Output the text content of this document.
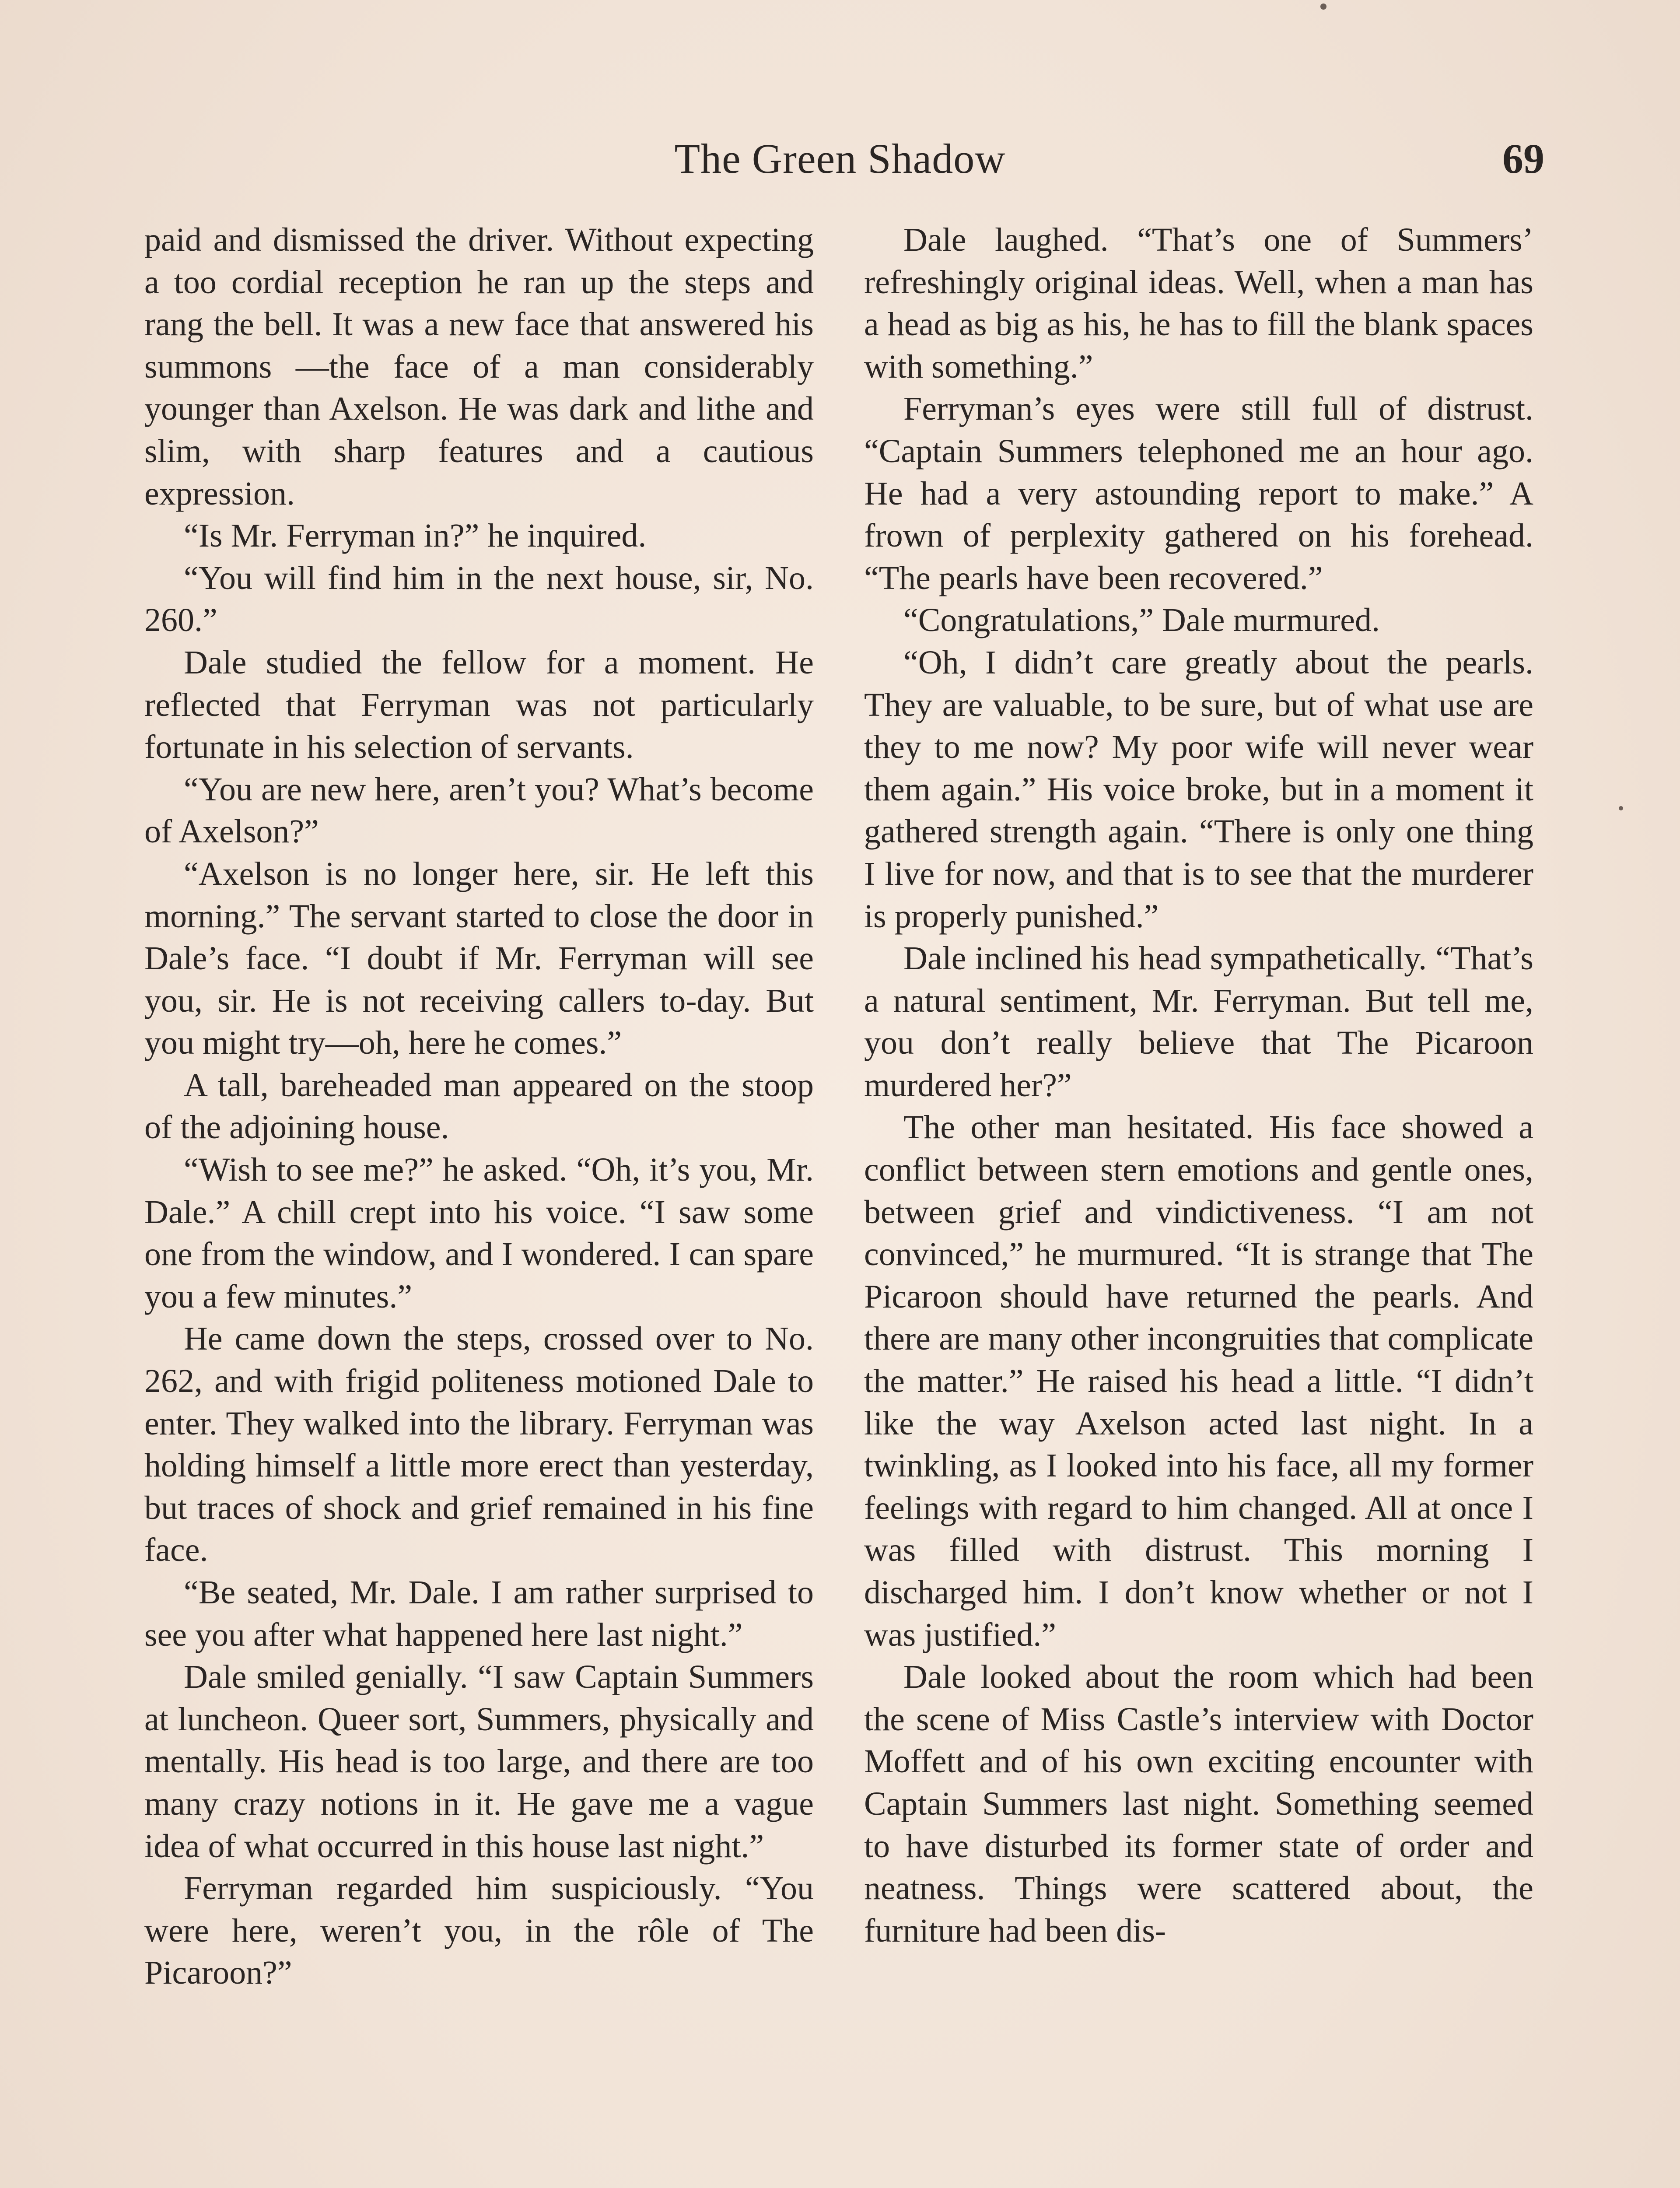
The Green Shadow	69

paid and dismissed the driver. Without expecting a too cordial reception he ran up the steps and rang the bell. It was a new face that answered his summons —the face of a man considerably younger than Axelson. He was dark and lithe and slim, with sharp features and a cautious expression.

“Is Mr. Ferryman in?” he inquired.

“You will find him in the next house, sir, No. 260.”

Dale studied the fellow for a moment. He reflected that Ferryman was not particularly fortunate in his selection of servants.

“You are new here, aren’t you? What’s become of Axelson?”

“Axelson is no longer here, sir. He left this morning.” The servant started to close the door in Dale’s face. “I doubt if Mr. Ferryman will see you, sir. He is not receiving callers to-day. But you might try—oh, here he comes.”

A tall, bareheaded man appeared on the stoop of the adjoining house.

“Wish to see me?” he asked. “Oh, it’s you, Mr. Dale.” A chill crept into his voice. “I saw some one from the window, and I wondered. I can spare you a few minutes.”

He came down the steps, crossed over to No. 262, and with frigid politeness motioned Dale to enter. They walked into the library. Ferryman was holding himself a little more erect than yesterday, but traces of shock and grief remained in his fine face.

“Be seated, Mr. Dale. I am rather surprised to see you after what happened here last night.”

Dale smiled genially. “I saw Captain Summers at luncheon. Queer sort, Summers, physically and mentally. His head is too large, and there are too many crazy notions in it. He gave me a vague idea of what occurred in this house last night.”

Ferryman regarded him suspiciously. “You were here, weren’t you, in the rôle of The Picaroon?”

Dale laughed. “That’s one of Summers’ refreshingly original ideas. Well, when a man has a head as big as his, he has to fill the blank spaces with something.”

Ferryman’s eyes were still full of distrust. “Captain Summers telephoned me an hour ago. He had a very astounding report to make.” A frown of perplexity gathered on his forehead. “The pearls have been recovered.”

“Congratulations,” Dale murmured.

“Oh, I didn’t care greatly about the pearls. They are valuable, to be sure, but of what use are they to me now? My poor wife will never wear them again.” His voice broke, but in a moment it gathered strength again. “There is only one thing I live for now, and that is to see that the murderer is properly punished.”

Dale inclined his head sympathetically. “That’s a natural sentiment, Mr. Ferryman. But tell me, you don’t really believe that The Picaroon murdered her?”

The other man hesitated. His face showed a conflict between stern emotions and gentle ones, between grief and vindictiveness. “I am not convinced,” he murmured. “It is strange that The Picaroon should have returned the pearls. And there are many other incongruities that complicate the matter.” He raised his head a little. “I didn’t like the way Axelson acted last night. In a twinkling, as I looked into his face, all my former feelings with regard to him changed. All at once I was filled with distrust. This morning I discharged him. I don’t know whether or not I was justified.”

Dale looked about the room which had been the scene of Miss Castle’s interview with Doctor Moffett and of his own exciting encounter with Captain Summers last night. Something seemed to have disturbed its former state of order and neatness. Things were scattered about, the furniture had been dis-
